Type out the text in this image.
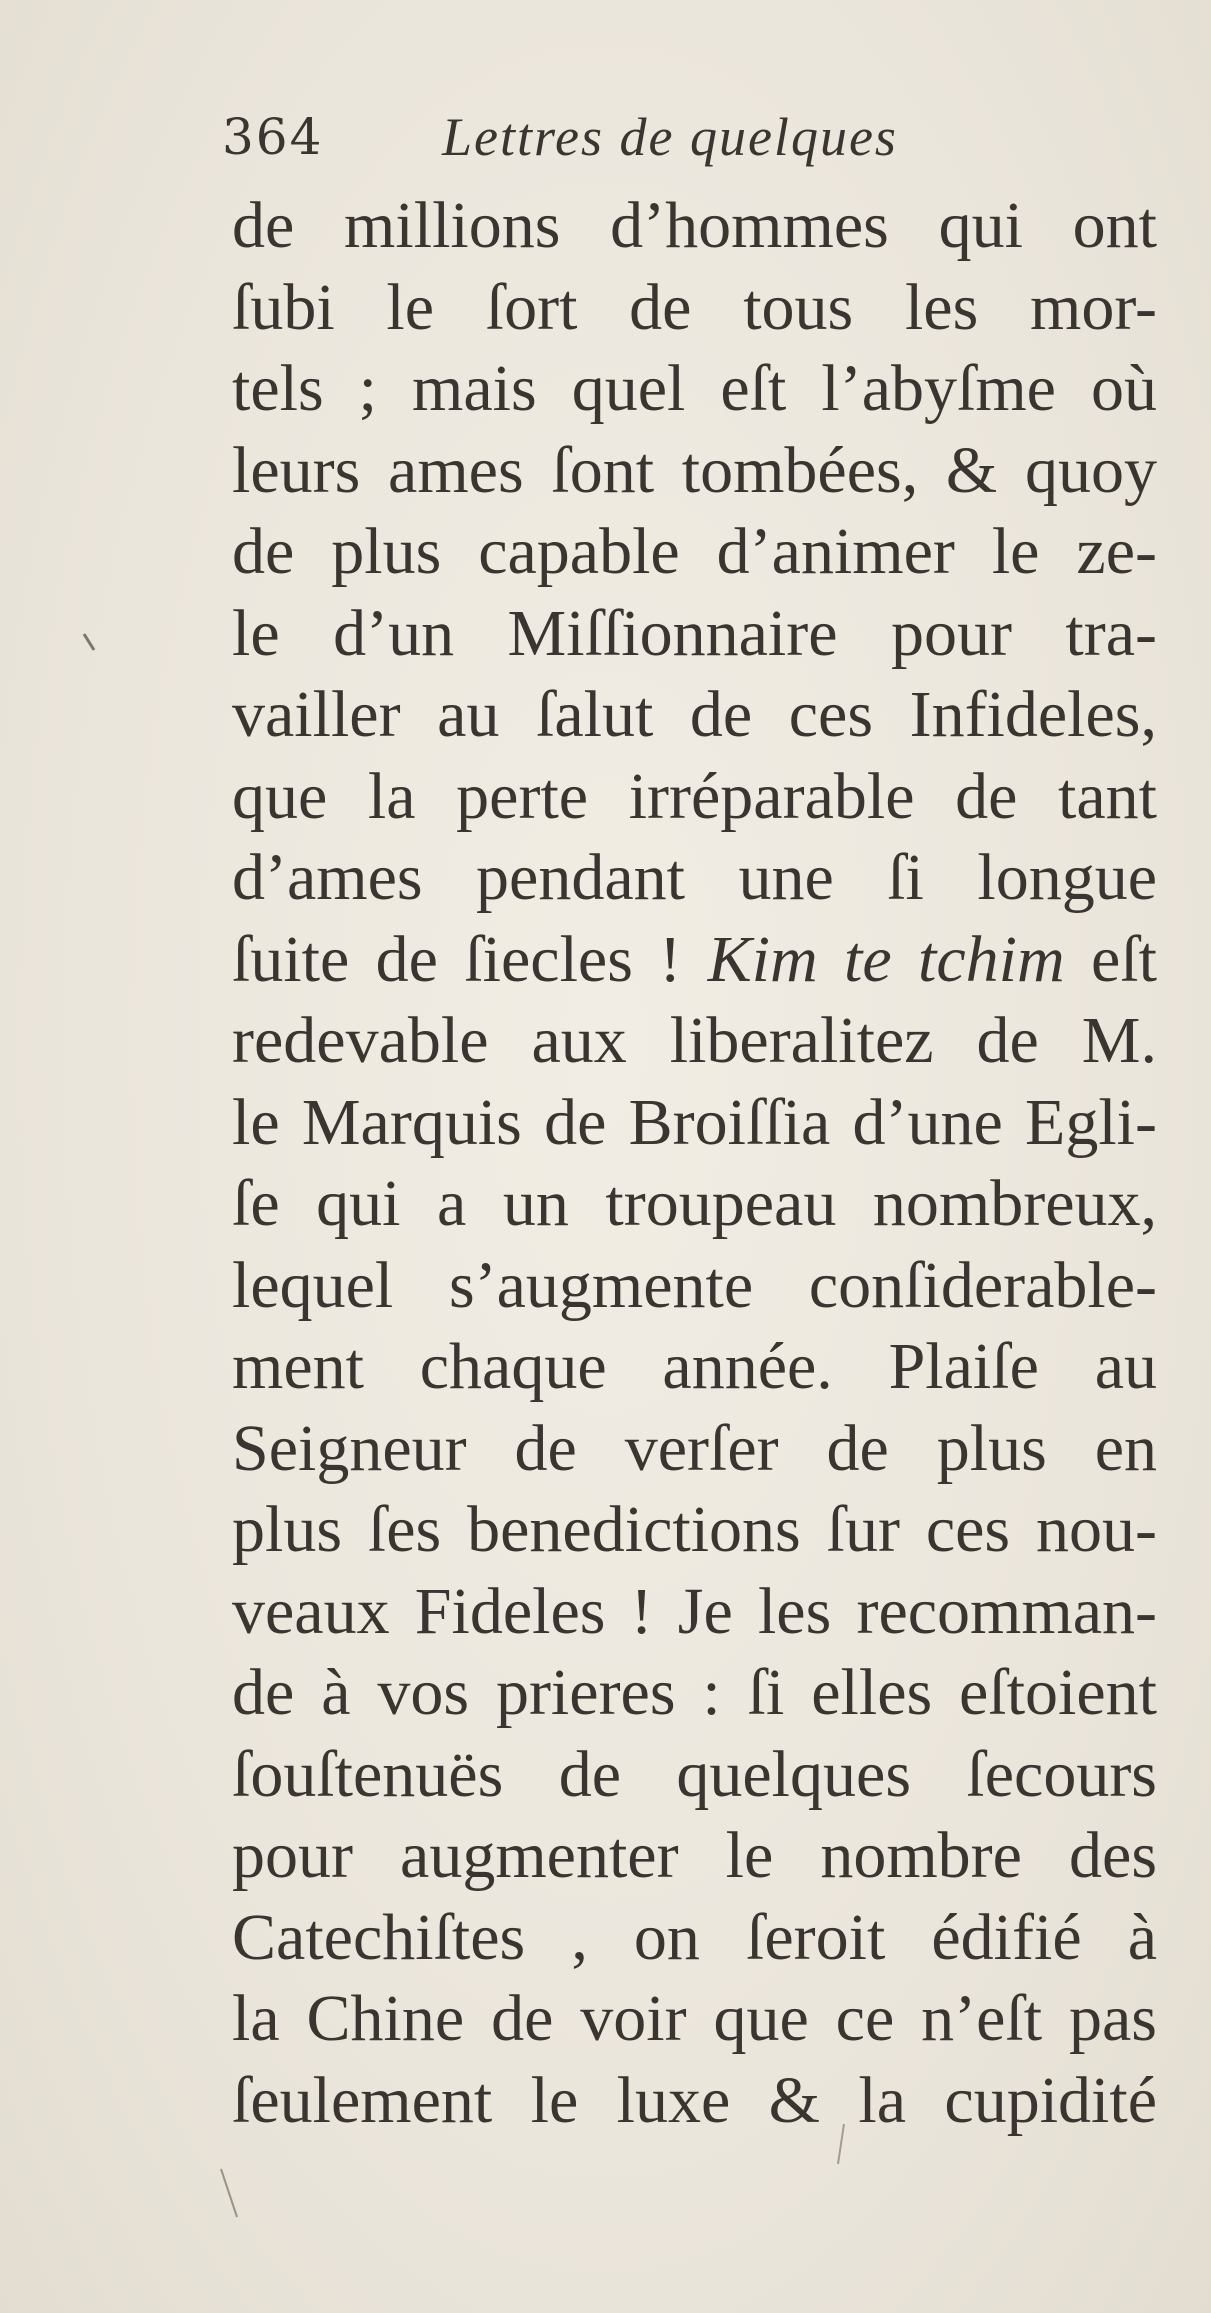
364 Lettres de quelques
de millions d’hommes qui ont
ſubi le ſort de tous les mor-
tels ; mais quel eſt l’abyſme où
leurs ames ſont tombées, & quoy
de plus capable d’animer le ze-
le d’un Miſſionnaire pour tra-
vailler au ſalut de ces Infideles,
que la perte irréparable de tant
d’ames pendant une ſi longue
ſuite de ſiecles ! Kim te tchim eſt
redevable aux liberalitez de M.
le Marquis de Broiſſia d’une Egli-
ſe qui a un troupeau nombreux,
lequel s’augmente conſiderable-
ment chaque année. Plaiſe au
Seigneur de verſer de plus en
plus ſes benedictions ſur ces nou-
veaux Fideles ! Je les recomman-
de à vos prieres : ſi elles eſtoient
ſouſtenuës de quelques ſecours
pour augmenter le nombre des
Catechiſtes , on ſeroit édifié à
la Chine de voir que ce n’eſt pas
ſeulement le luxe & la cupidité
